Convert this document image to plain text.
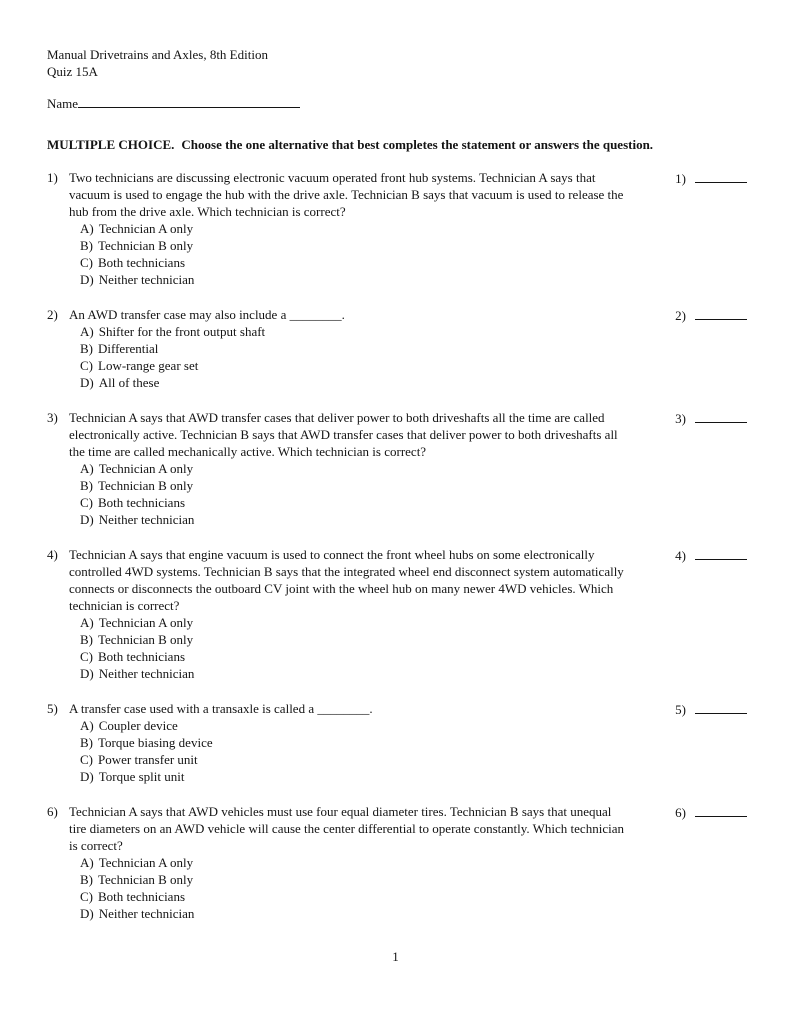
Manual Drivetrains and Axles, 8th Edition
Quiz 15A
Name
MULTIPLE CHOICE. Choose the one alternative that best completes the statement or answers the question.
1) Two technicians are discussing electronic vacuum operated front hub systems. Technician A says that vacuum is used to engage the hub with the drive axle. Technician B says that vacuum is used to release the hub from the drive axle. Which technician is correct?
A) Technician A only
B) Technician B only
C) Both technicians
D) Neither technician
1)
2) An AWD transfer case may also include a ________.
A) Shifter for the front output shaft
B) Differential
C) Low-range gear set
D) All of these
2)
3) Technician A says that AWD transfer cases that deliver power to both driveshafts all the time are called electronically active. Technician B says that AWD transfer cases that deliver power to both driveshafts all the time are called mechanically active. Which technician is correct?
A) Technician A only
B) Technician B only
C) Both technicians
D) Neither technician
3)
4) Technician A says that engine vacuum is used to connect the front wheel hubs on some electronically controlled 4WD systems. Technician B says that the integrated wheel end disconnect system automatically connects or disconnects the outboard CV joint with the wheel hub on many newer 4WD vehicles. Which technician is correct?
A) Technician A only
B) Technician B only
C) Both technicians
D) Neither technician
4)
5) A transfer case used with a transaxle is called a ________.
A) Coupler device
B) Torque biasing device
C) Power transfer unit
D) Torque split unit
5)
6) Technician A says that AWD vehicles must use four equal diameter tires. Technician B says that unequal tire diameters on an AWD vehicle will cause the center differential to operate constantly. Which technician is correct?
A) Technician A only
B) Technician B only
C) Both technicians
D) Neither technician
6)
1
